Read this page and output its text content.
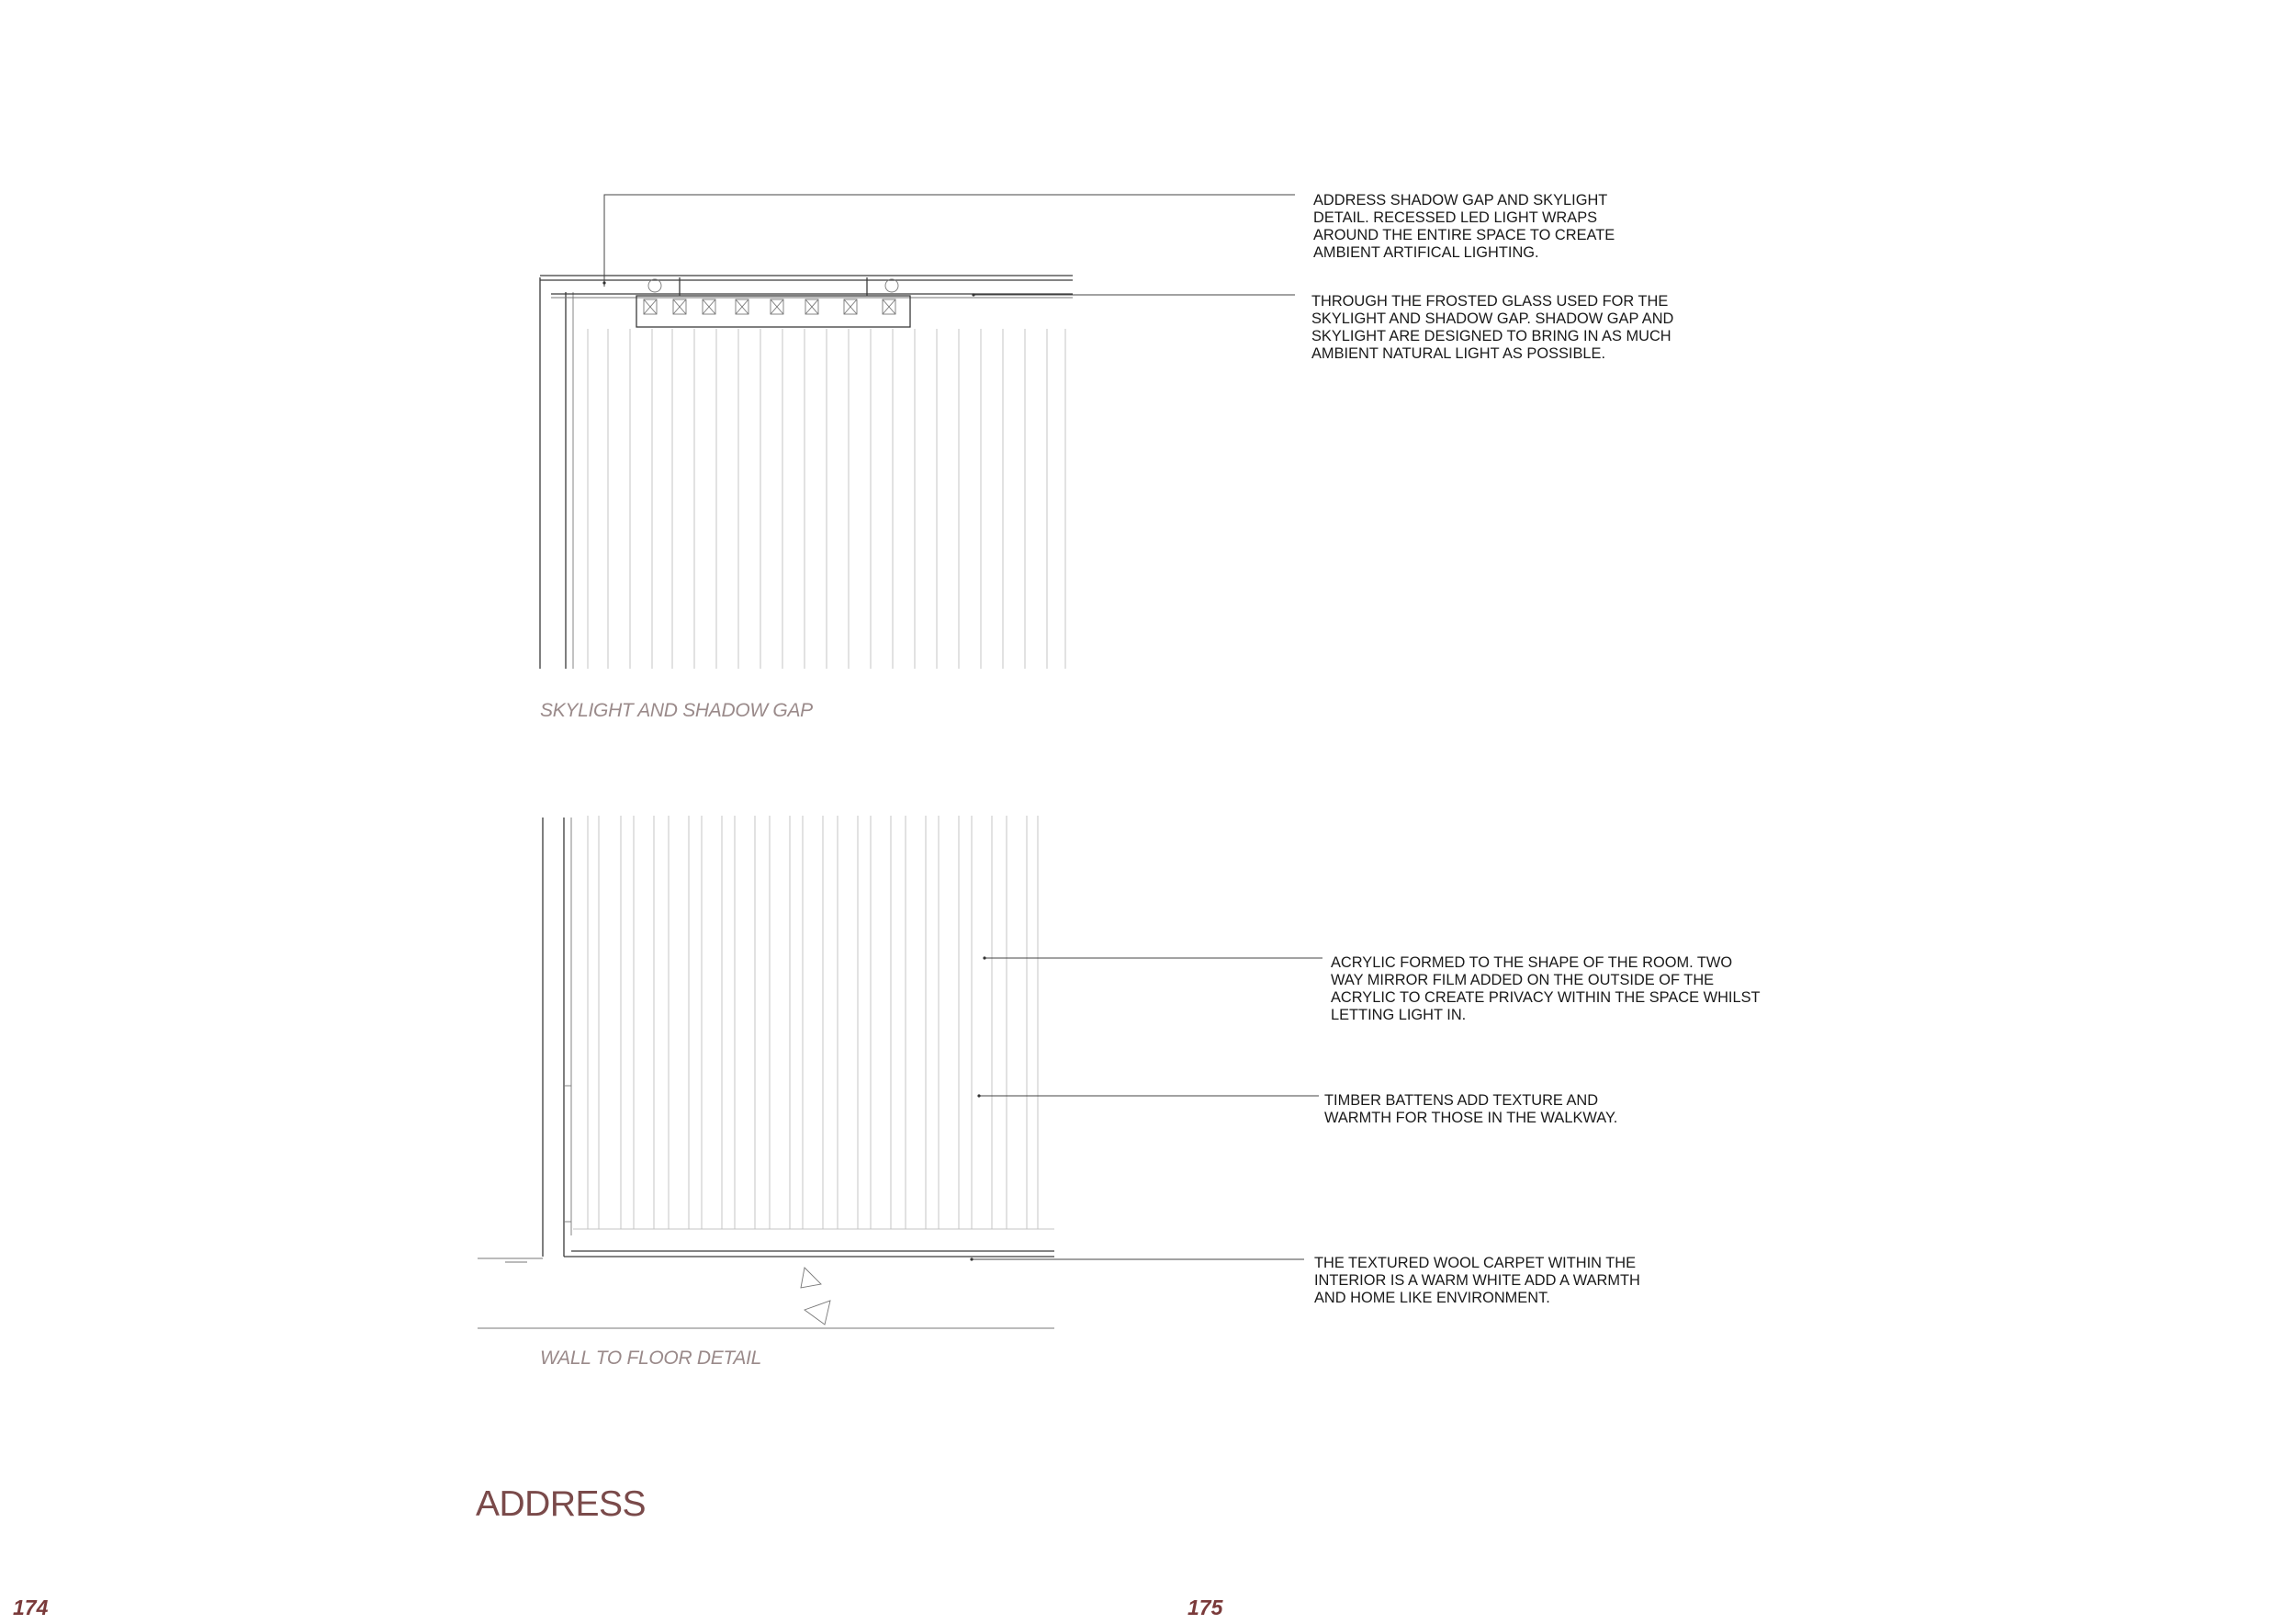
ADDRESS SHADOW GAP AND SKYLIGHT DETAIL. RECESSED LED LIGHT WRAPS AROUND THE ENTIRE SPACE TO CREATE AMBIENT ARTIFICAL LIGHTING.
THROUGH THE FROSTED GLASS USED FOR THE SKYLIGHT AND SHADOW GAP. SHADOW GAP AND SKYLIGHT ARE DESIGNED TO BRING IN AS MUCH AMBIENT NATURAL LIGHT AS POSSIBLE.
SKYLIGHT AND SHADOW GAP
ACRYLIC FORMED TO THE SHAPE OF THE ROOM. TWO WAY MIRROR FILM ADDED ON THE OUTSIDE OF THE ACRYLIC TO CREATE PRIVACY WITHIN THE SPACE WHILST LETTING LIGHT IN.
TIMBER BATTENS ADD TEXTURE AND WARMTH FOR THOSE IN THE WALKWAY.
THE TEXTURED WOOL CARPET WITHIN THE INTERIOR IS A WARM WHITE ADD A WARMTH AND HOME LIKE ENVIRONMENT.
WALL TO FLOOR DETAIL
ADDRESS
174	175
